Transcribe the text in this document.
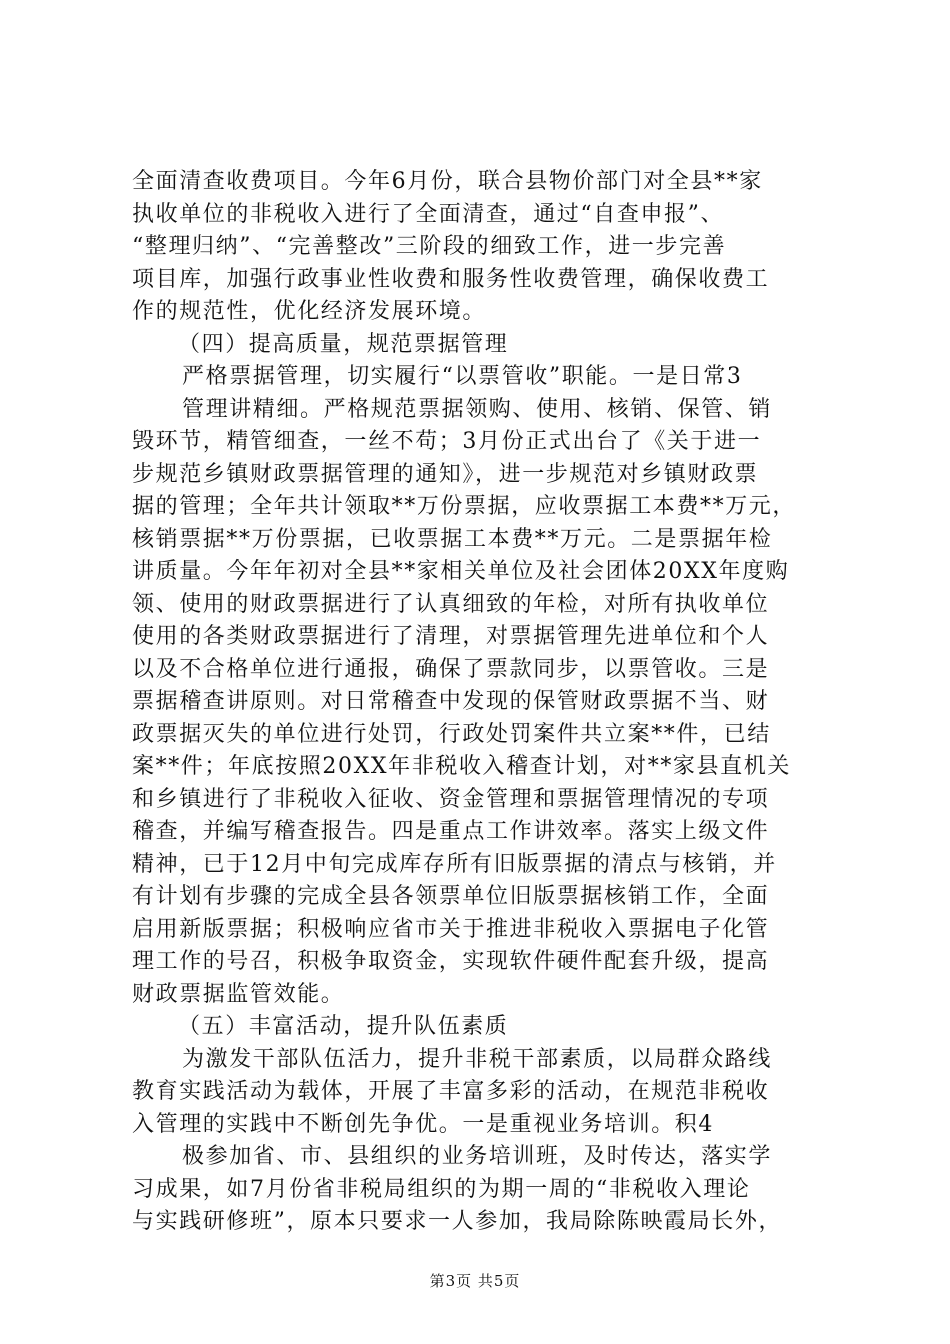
全面清查收费项目。今年6月份，联合县物价部门对全县**家
执收单位的非税收入进行了全面清查，通过“自查申报”、
“整理归纳”、“完善整改”三阶段的细致工作，进一步完善
项目库，加强行政事业性收费和服务性收费管理，确保收费工
作的规范性，优化经济发展环境。
（四）提高质量，规范票据管理
严格票据管理，切实履行“以票管收”职能。一是日常3
管理讲精细。严格规范票据领购、使用、核销、保管、销
毁环节，精管细查，一丝不苟；3月份正式出台了《关于进一
步规范乡镇财政票据管理的通知》，进一步规范对乡镇财政票
据的管理；全年共计领取**万份票据，应收票据工本费**万元，
核销票据**万份票据，已收票据工本费**万元。二是票据年检
讲质量。今年年初对全县**家相关单位及社会团体20XX年度购
领、使用的财政票据进行了认真细致的年检，对所有执收单位
使用的各类财政票据进行了清理，对票据管理先进单位和个人
以及不合格单位进行通报，确保了票款同步，以票管收。三是
票据稽查讲原则。对日常稽查中发现的保管财政票据不当、财
政票据灭失的单位进行处罚，行政处罚案件共立案**件，已结
案**件；年底按照20XX年非税收入稽查计划，对**家县直机关
和乡镇进行了非税收入征收、资金管理和票据管理情况的专项
稽查，并编写稽查报告。四是重点工作讲效率。落实上级文件
精神，已于12月中旬完成库存所有旧版票据的清点与核销，并
有计划有步骤的完成全县各领票单位旧版票据核销工作，全面
启用新版票据；积极响应省市关于推进非税收入票据电子化管
理工作的号召，积极争取资金，实现软件硬件配套升级，提高
财政票据监管效能。
（五）丰富活动，提升队伍素质
为激发干部队伍活力，提升非税干部素质，以局群众路线
教育实践活动为载体，开展了丰富多彩的活动，在规范非税收
入管理的实践中不断创先争优。一是重视业务培训。积4
极参加省、市、县组织的业务培训班，及时传达，落实学
习成果，如7月份省非税局组织的为期一周的“非税收入理论
与实践研修班”，原本只要求一人参加，我局除陈映霞局长外，
第3页 共5页
